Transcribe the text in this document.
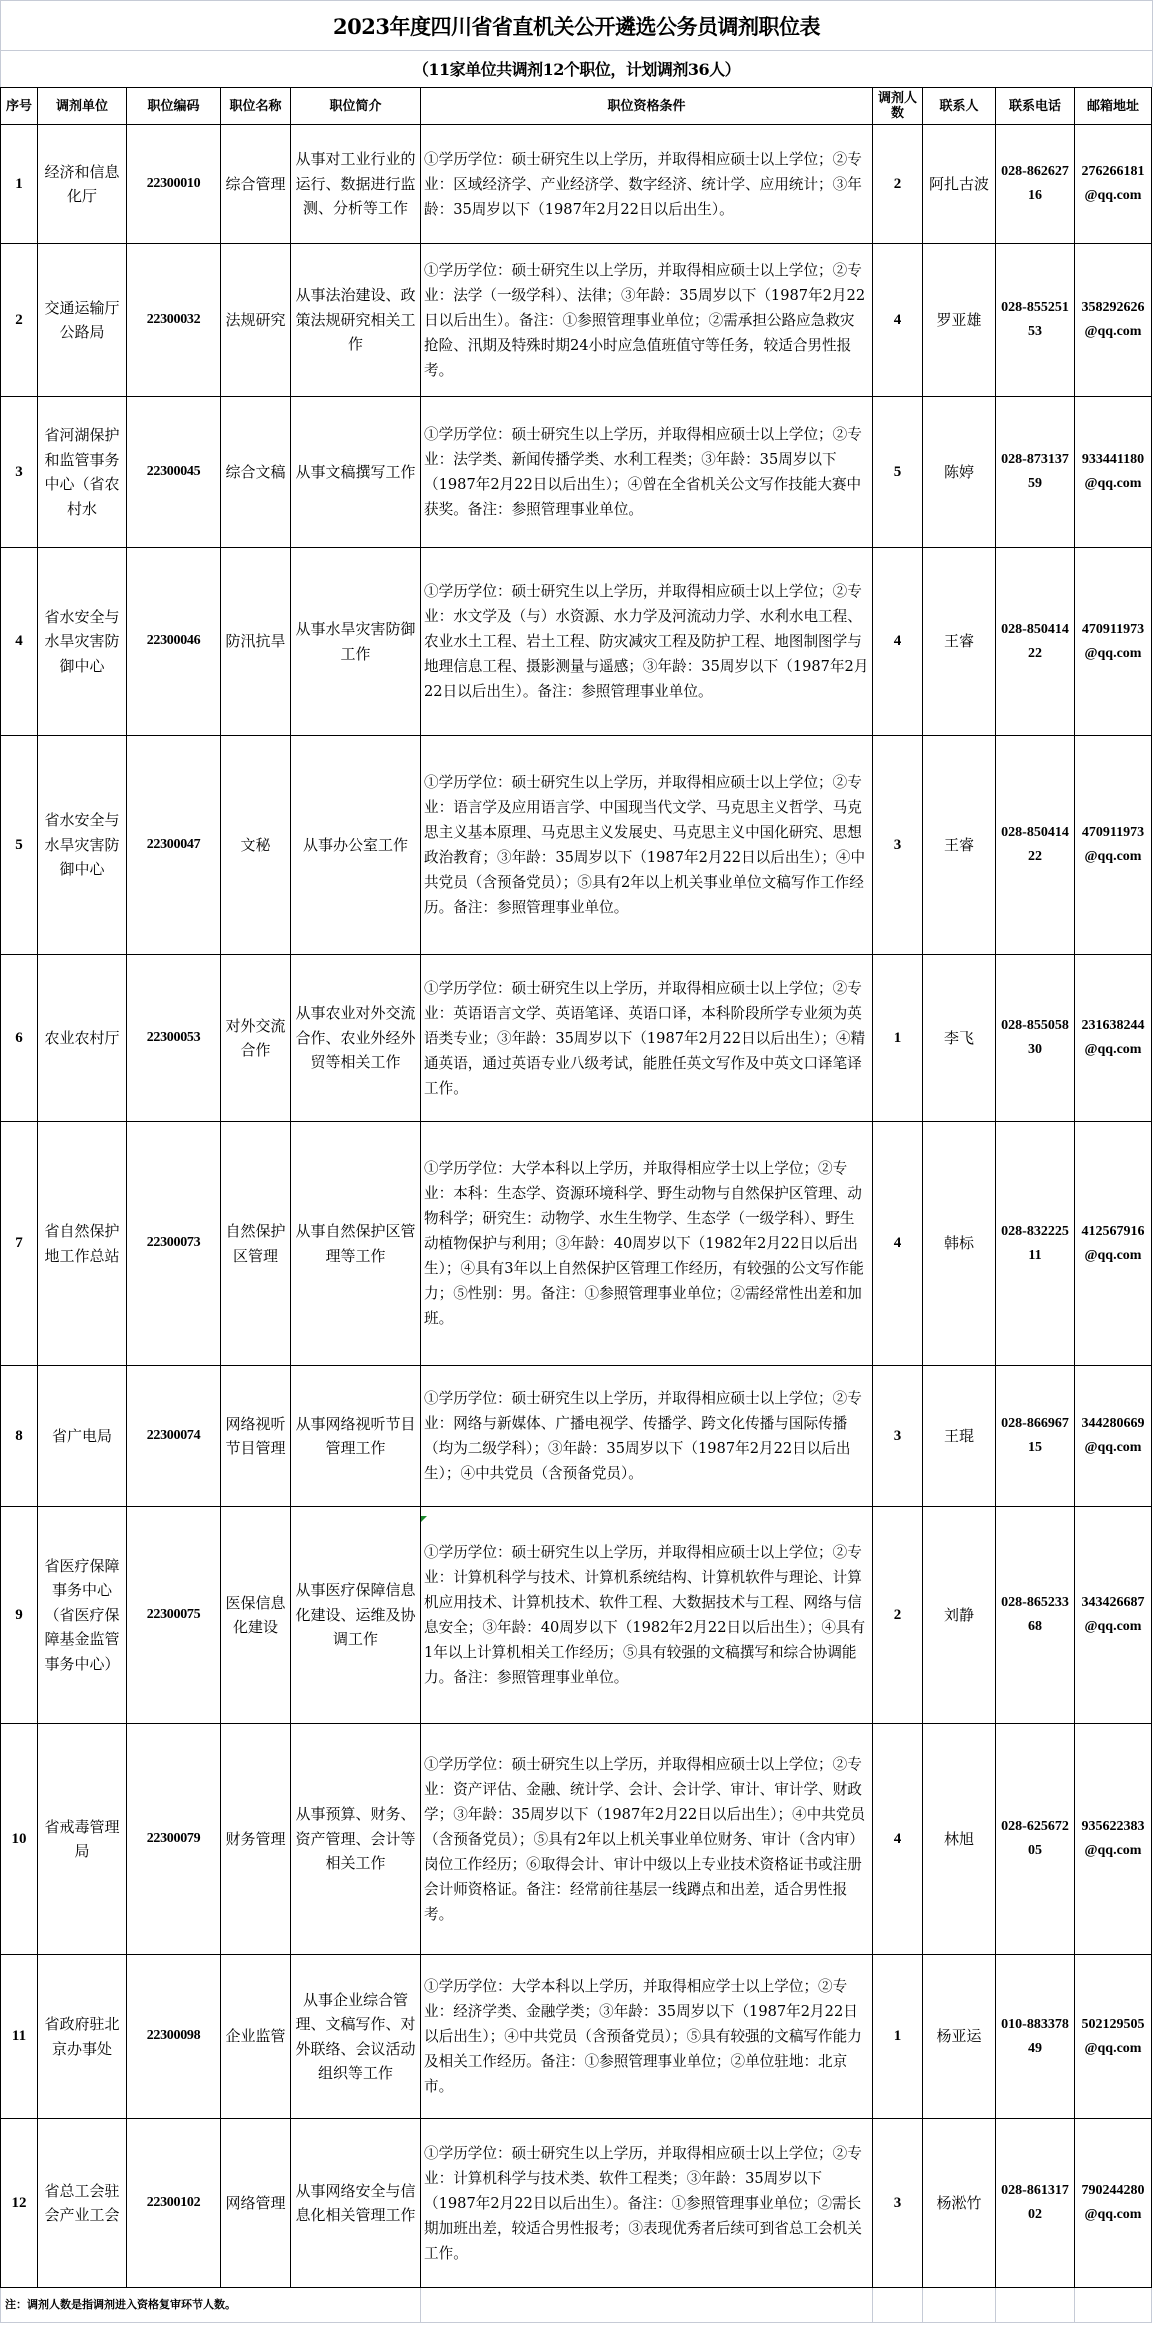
2023年度四川省省直机关公开遴选公务员调剂职位表
（11家单位共调剂12个职位，计划调剂36人）
序号	调剂单位	职位编码	职位名称	职位简介	职位资格条件	调剂人数	联系人	联系电话	邮箱地址

1	经济和信息化厅	22300010	综合管理	从事对工业行业的运行、数据进行监测、分析等工作	①学历学位：硕士研究生以上学历，并取得相应硕士以上学位；②专业：区域经济学、产业经济学、数字经济、统计学、应用统计；③年龄：35周岁以下（1987年2月22日以后出生）。	2	阿扎古波	028-86262716	276266181@qq.com

2	交通运输厅公路局	22300032	法规研究	从事法治建设、政策法规研究相关工作	①学历学位：硕士研究生以上学历，并取得相应硕士以上学位；②专业：法学（一级学科）、法律；③年龄：35周岁以下（1987年2月22日以后出生）。备注：①参照管理事业单位；②需承担公路应急救灾抢险、汛期及特殊时期24小时应急值班值守等任务，较适合男性报考。	4	罗亚雄	028-85525153	358292626@qq.com

3	省河湖保护和监管事务中心（省农村水	22300045	综合文稿	从事文稿撰写工作	①学历学位：硕士研究生以上学历，并取得相应硕士以上学位；②专业：法学类、新闻传播学类、水利工程类；③年龄：35周岁以下（1987年2月22日以后出生）；④曾在全省机关公文写作技能大赛中获奖。备注：参照管理事业单位。	5	陈婷	028-87313759	933441180@qq.com

4	省水安全与水旱灾害防御中心	22300046	防汛抗旱	从事水旱灾害防御工作	①学历学位：硕士研究生以上学历，并取得相应硕士以上学位；②专业：水文学及（与）水资源、水力学及河流动力学、水利水电工程、农业水土工程、岩土工程、防灾减灾工程及防护工程、地图制图学与地理信息工程、摄影测量与遥感；③年龄：35周岁以下（1987年2月22日以后出生）。备注：参照管理事业单位。	4	王睿	028-85041422	470911973@qq.com

5	省水安全与水旱灾害防御中心	22300047	文秘	从事办公室工作	①学历学位：硕士研究生以上学历，并取得相应硕士以上学位；②专业：语言学及应用语言学、中国现当代文学、马克思主义哲学、马克思主义基本原理、马克思主义发展史、马克思主义中国化研究、思想政治教育；③年龄：35周岁以下（1987年2月22日以后出生）；④中共党员（含预备党员）；⑤具有2年以上机关事业单位文稿写作工作经历。备注：参照管理事业单位。	3	王睿	028-85041422	470911973@qq.com

6	农业农村厅	22300053	对外交流合作	从事农业对外交流合作、农业外经外贸等相关工作	①学历学位：硕士研究生以上学历，并取得相应硕士以上学位；②专业：英语语言文学、英语笔译、英语口译，本科阶段所学专业须为英语类专业；③年龄：35周岁以下（1987年2月22日以后出生）；④精通英语，通过英语专业八级考试，能胜任英文写作及中英文口译笔译工作。	1	李飞	028-85505830	231638244@qq.com

7	省自然保护地工作总站	22300073	自然保护区管理	从事自然保护区管理等工作	①学历学位：大学本科以上学历，并取得相应学士以上学位；②专业：本科：生态学、资源环境科学、野生动物与自然保护区管理、动物科学；研究生：动物学、水生生物学、生态学（一级学科）、野生动植物保护与利用；③年龄：40周岁以下（1982年2月22日以后出生）；④具有3年以上自然保护区管理工作经历，有较强的公文写作能力；⑤性别：男。备注：①参照管理事业单位；②需经常性出差和加班。	4	韩标	028-83222511	412567916@qq.com

8	省广电局	22300074	网络视听节目管理	从事网络视听节目管理工作	①学历学位：硕士研究生以上学历，并取得相应硕士以上学位；②专业：网络与新媒体、广播电视学、传播学、跨文化传播与国际传播（均为二级学科）；③年龄：35周岁以下（1987年2月22日以后出生）；④中共党员（含预备党员）。	3	王琨	028-86696715	344280669@qq.com

9	省医疗保障事务中心（省医疗保障基金监管事务中心）	22300075	医保信息化建设	从事医疗保障信息化建设、运维及协调工作	①学历学位：硕士研究生以上学历，并取得相应硕士以上学位；②专业：计算机科学与技术、计算机系统结构、计算机软件与理论、计算机应用技术、计算机技术、软件工程、大数据技术与工程、网络与信息安全；③年龄：40周岁以下（1982年2月22日以后出生）；④具有1年以上计算机相关工作经历；⑤具有较强的文稿撰写和综合协调能力。备注：参照管理事业单位。	2	刘静	028-86523368	343426687@qq.com

10	省戒毒管理局	22300079	财务管理	从事预算、财务、资产管理、会计等相关工作	①学历学位：硕士研究生以上学历，并取得相应硕士以上学位；②专业：资产评估、金融、统计学、会计、会计学、审计、审计学、财政学；③年龄：35周岁以下（1987年2月22日以后出生）；④中共党员（含预备党员）；⑤具有2年以上机关事业单位财务、审计（含内审）岗位工作经历；⑥取得会计、审计中级以上专业技术资格证书或注册会计师资格证。备注：经常前往基层一线蹲点和出差，适合男性报考。	4	林旭	028-62567205	935622383@qq.com

11	省政府驻北京办事处	22300098	企业监管	从事企业综合管理、文稿写作、对外联络、会议活动组织等工作	①学历学位：大学本科以上学历，并取得相应学士以上学位；②专业：经济学类、金融学类；③年龄：35周岁以下（1987年2月22日以后出生）；④中共党员（含预备党员）；⑤具有较强的文稿写作能力及相关工作经历。备注：①参照管理事业单位；②单位驻地：北京市。	1	杨亚运	010-88337849	502129505@qq.com

12	省总工会驻会产业工会	22300102	网络管理	从事网络安全与信息化相关管理工作	①学历学位：硕士研究生以上学历，并取得相应硕士以上学位；②专业：计算机科学与技术类、软件工程类；③年龄：35周岁以下（1987年2月22日以后出生）。备注：①参照管理事业单位；②需长期加班出差，较适合男性报考；③表现优秀者后续可到省总工会机关工作。	3	杨淞竹	028-86131702	790244280@qq.com

注：调剂人数是指调剂进入资格复审环节人数。									
